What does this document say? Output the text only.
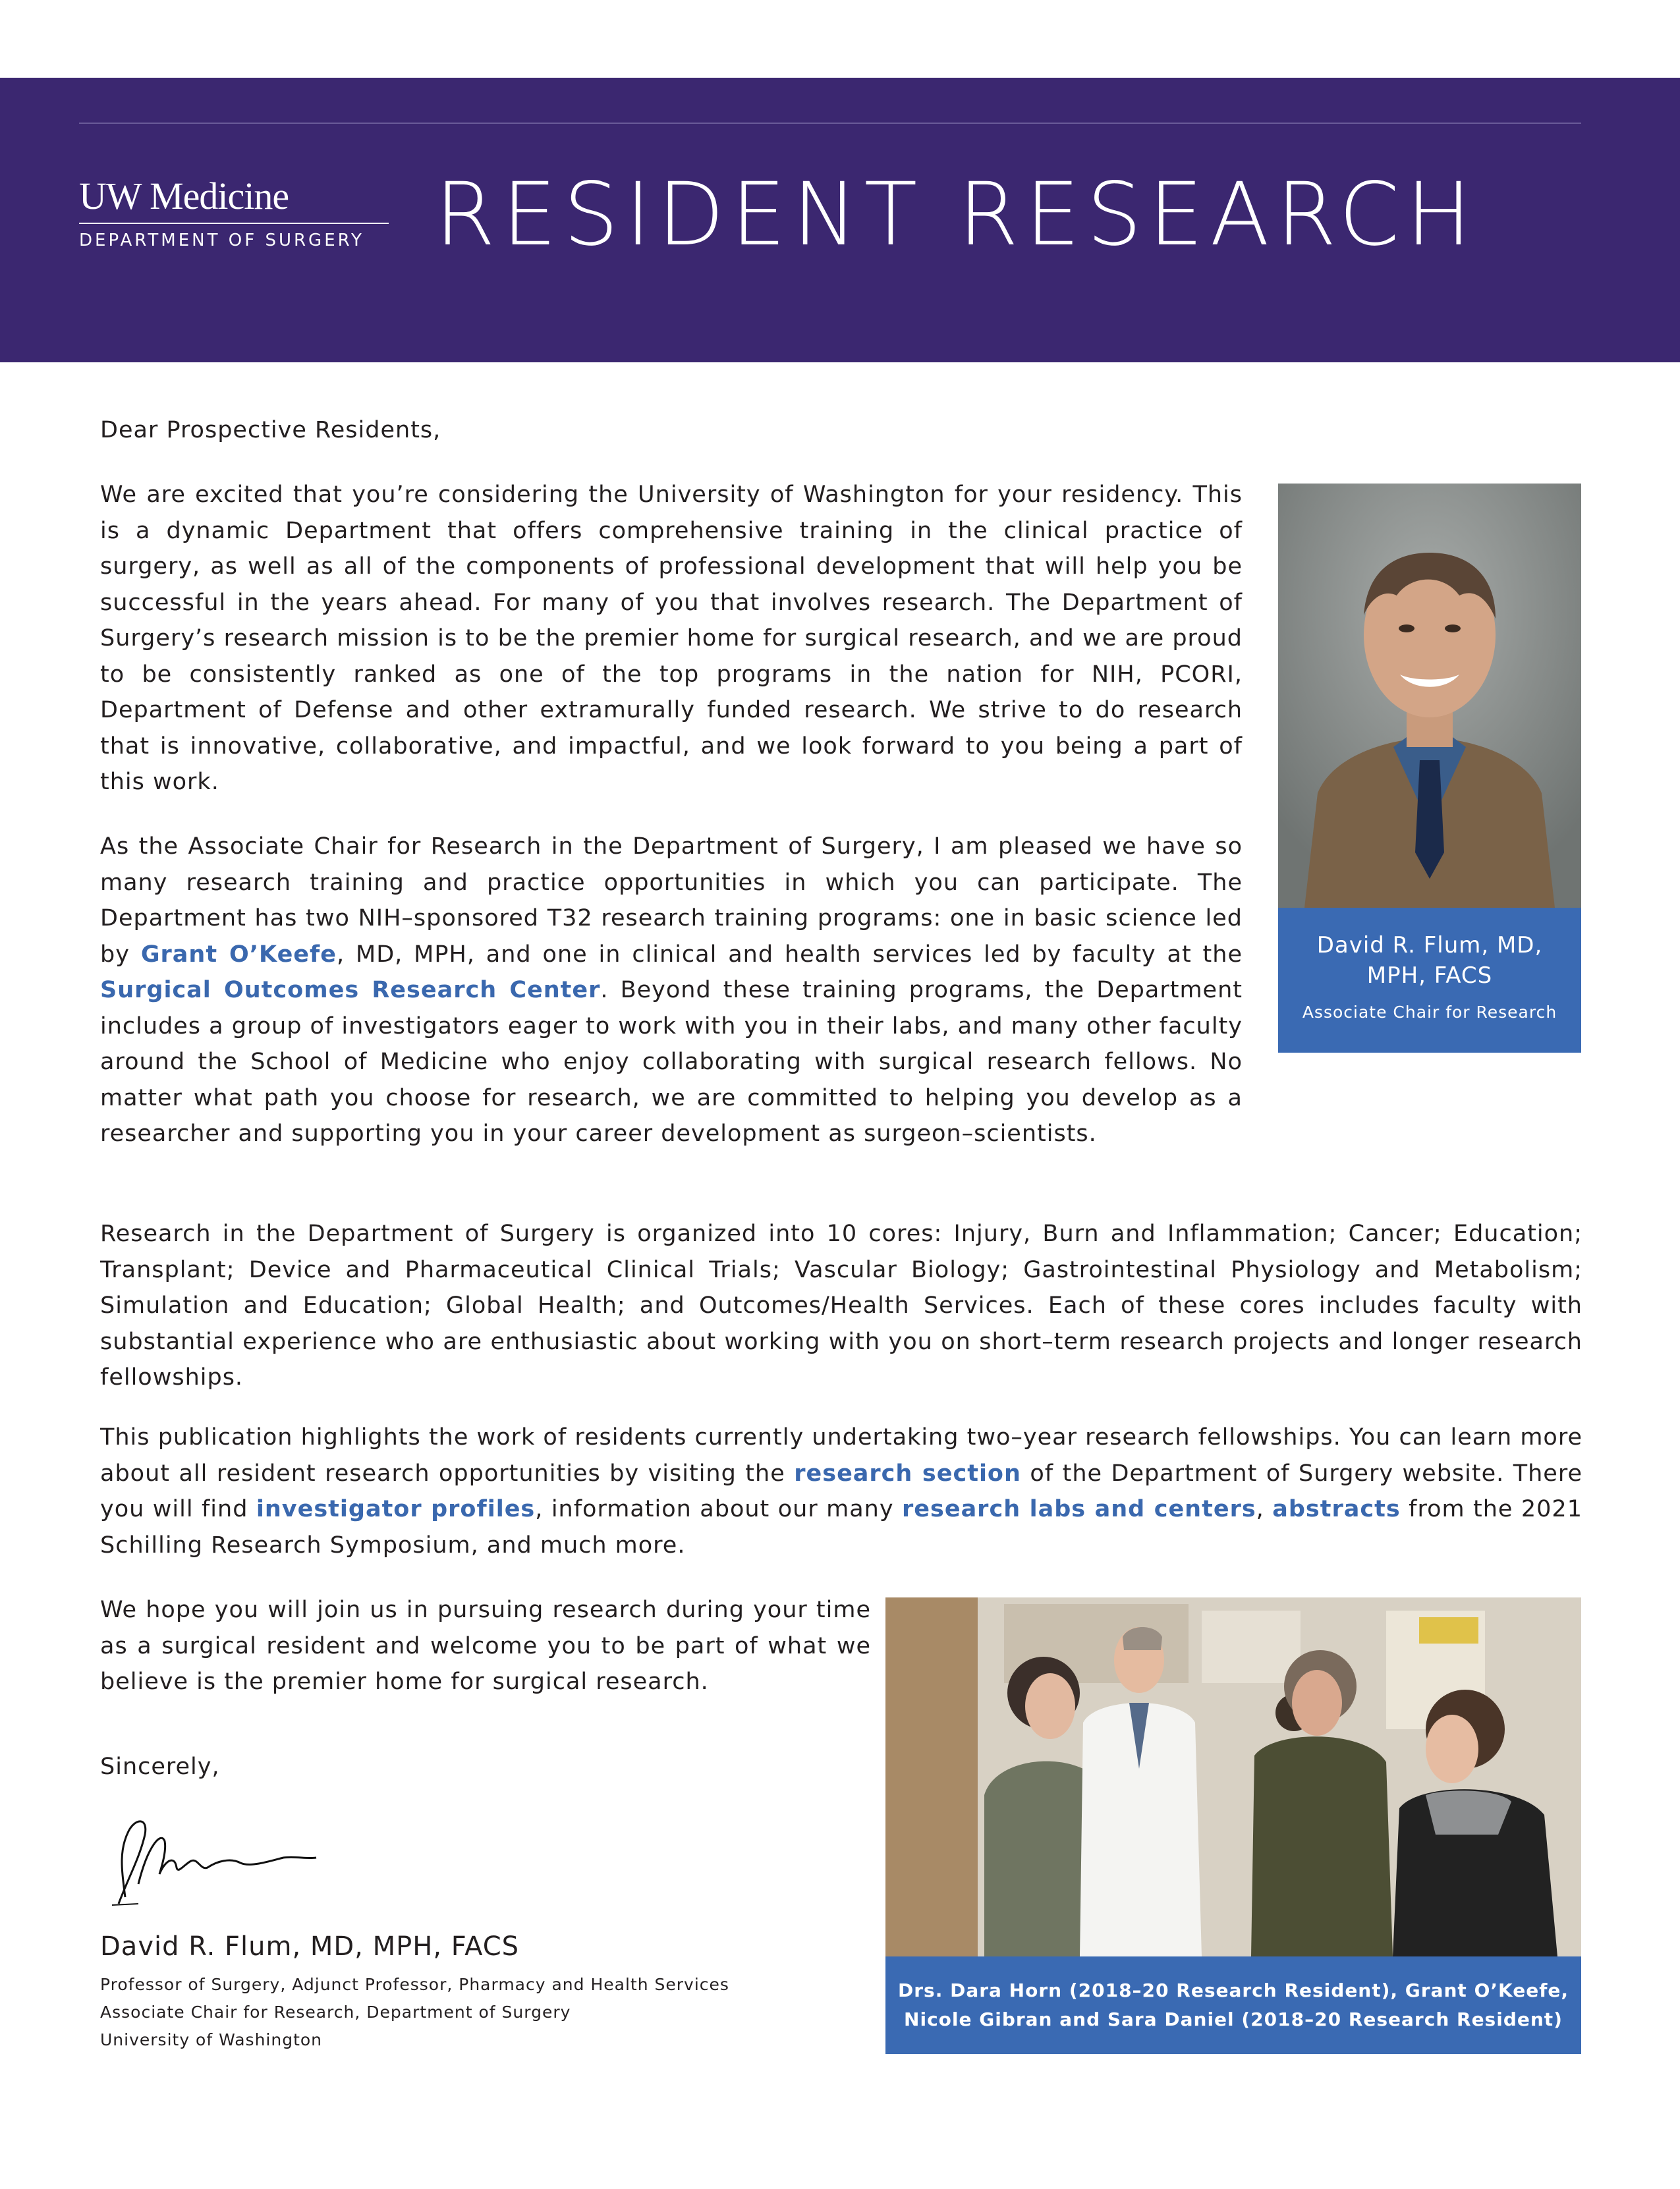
UW Medicine
DEPARTMENT OF SURGERY RESIDENT RESEARCH

Dear Prospective Residents,

We are excited that you’re considering the University of Washington for your residency. This is a dynamic Department that offers comprehensive training in the clinical practice of surgery, as well as all of the components of professional development that will help you be successful in the years ahead. For many of you that involves research. The Department of Surgery’s research mission is to be the premier home for surgical research, and we are proud to be consistently ranked as one of the top programs in the nation for NIH, PCORI, Department of Defense and other extramurally funded research. We strive to do research that is innovative, collaborative, and impactful, and we look forward to you being a part of this work.

As the Associate Chair for Research in the Department of Surgery, I am pleased we have so many research training and practice opportunities in which you can participate. The Department has two NIH–sponsored T32 research training programs: one in basic science led by Grant O’Keefe, MD, MPH, and one in clinical and health services led by faculty at the Surgical Outcomes Research Center. Beyond these training programs, the Department includes a group of investigators eager to work with you in their labs, and many other faculty around the School of Medicine who enjoy collaborating with surgical research fellows. No matter what path you choose for research, we are committed to helping you develop as a researcher and supporting you in your career development as surgeon–scientists.

Research in the Department of Surgery is organized into 10 cores: Injury, Burn and Inflammation; Cancer; Education; Transplant; Device and Pharmaceutical Clinical Trials; Vascular Biology; Gastrointestinal Physiology and Metabolism; Simulation and Education; Global Health; and Outcomes/Health Services. Each of these cores includes faculty with substantial experience who are enthusiastic about working with you on short–term research projects and longer research fellowships.

This publication highlights the work of residents currently undertaking two–year research fellowships. You can learn more about all resident research opportunities by visiting the research section of the Department of Surgery website. There you will find investigator profiles, information about our many research labs and centers, abstracts from the 2021 Schilling Research Symposium, and much more.

We hope you will join us in pursuing research during your time as a surgical resident and welcome you to be part of what we believe is the premier home for surgical research.

Sincerely,

David R. Flum, MD, MPH, FACS
Professor of Surgery, Adjunct Professor, Pharmacy and Health Services
Associate Chair for Research, Department of Surgery
University of Washington
David R. Flum, MD,
MPH, FACS
Associate Chair for Research
Drs. Dara Horn (2018–20 Research Resident), Grant O’Keefe,
Nicole Gibran and Sara Daniel (2018–20 Research Resident)
